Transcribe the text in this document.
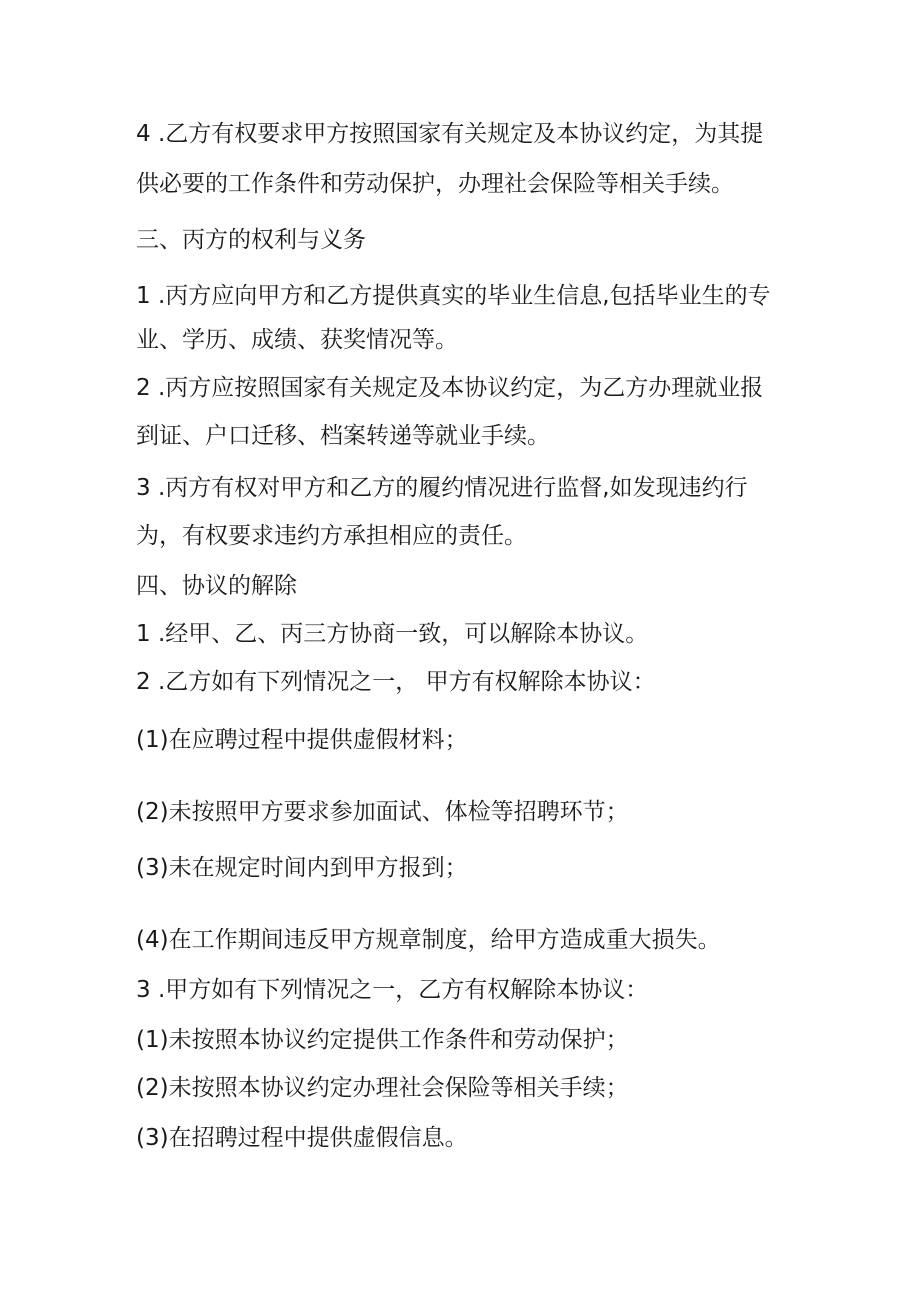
4 .乙方有权要求甲方按照国家有关规定及本协议约定，为其提

供必要的工作条件和劳动保护，办理社会保险等相关手续。

三、丙方的权利与义务

1 .丙方应向甲方和乙方提供真实的毕业生信息,包括毕业生的专

业、学历、成绩、获奖情况等。

2 .丙方应按照国家有关规定及本协议约定，为乙方办理就业报

到证、户口迁移、档案转递等就业手续。

3 .丙方有权对甲方和乙方的履约情况进行监督,如发现违约行

为，有权要求违约方承担相应的责任。

四、协议的解除

1 .经甲、乙、丙三方协商一致，可以解除本协议。

2 .乙方如有下列情况之一， 甲方有权解除本协议：

(1)在应聘过程中提供虚假材料；

(2)未按照甲方要求参加面试、体检等招聘环节；

(3)未在规定时间内到甲方报到；

(4)在工作期间违反甲方规章制度，给甲方造成重大损失。

3 .甲方如有下列情况之一，乙方有权解除本协议：

(1)未按照本协议约定提供工作条件和劳动保护；

(2)未按照本协议约定办理社会保险等相关手续；

(3)在招聘过程中提供虚假信息。
